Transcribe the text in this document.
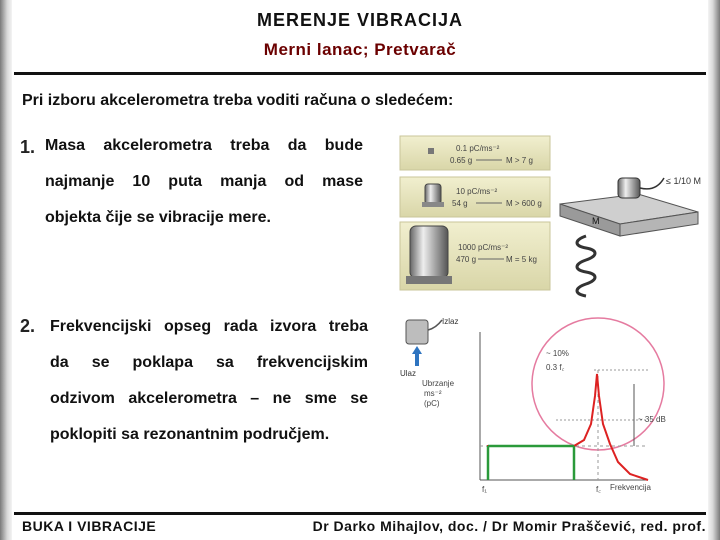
MERENJE VIBRACIJA
Merni lanac; Pretvarač
Pri izboru akcelerometra treba voditi računa o sledećem:
1. Masa akcelerometra treba da bude
najmanje 10 puta manja od mase
objekta čije se vibracije mere.
2. Frekvencijski opseg rada izvora treba
da se poklapa sa frekvencijskim
odzivom akcelerometra – ne sme se
poklopiti sa rezonantnim područjem.
0.1 pC/ms⁻²
0.65 g	M > 7 g
10 pC/ms⁻²
54 g	M > 600 g
1000 pC/ms⁻²
470 g	M = 5 kg
≤ 1/10 M
M
Izlaz
Ulaz
Ubrzanje
ms⁻²
(pC)
~ 10%
0.3 f꜀
~ 35 dB
f₁	f꜀ Frekvencija
BUKA I VIBRACIJE	Dr Darko Mihajlov, doc. / Dr Momir Praščević, red. prof.
